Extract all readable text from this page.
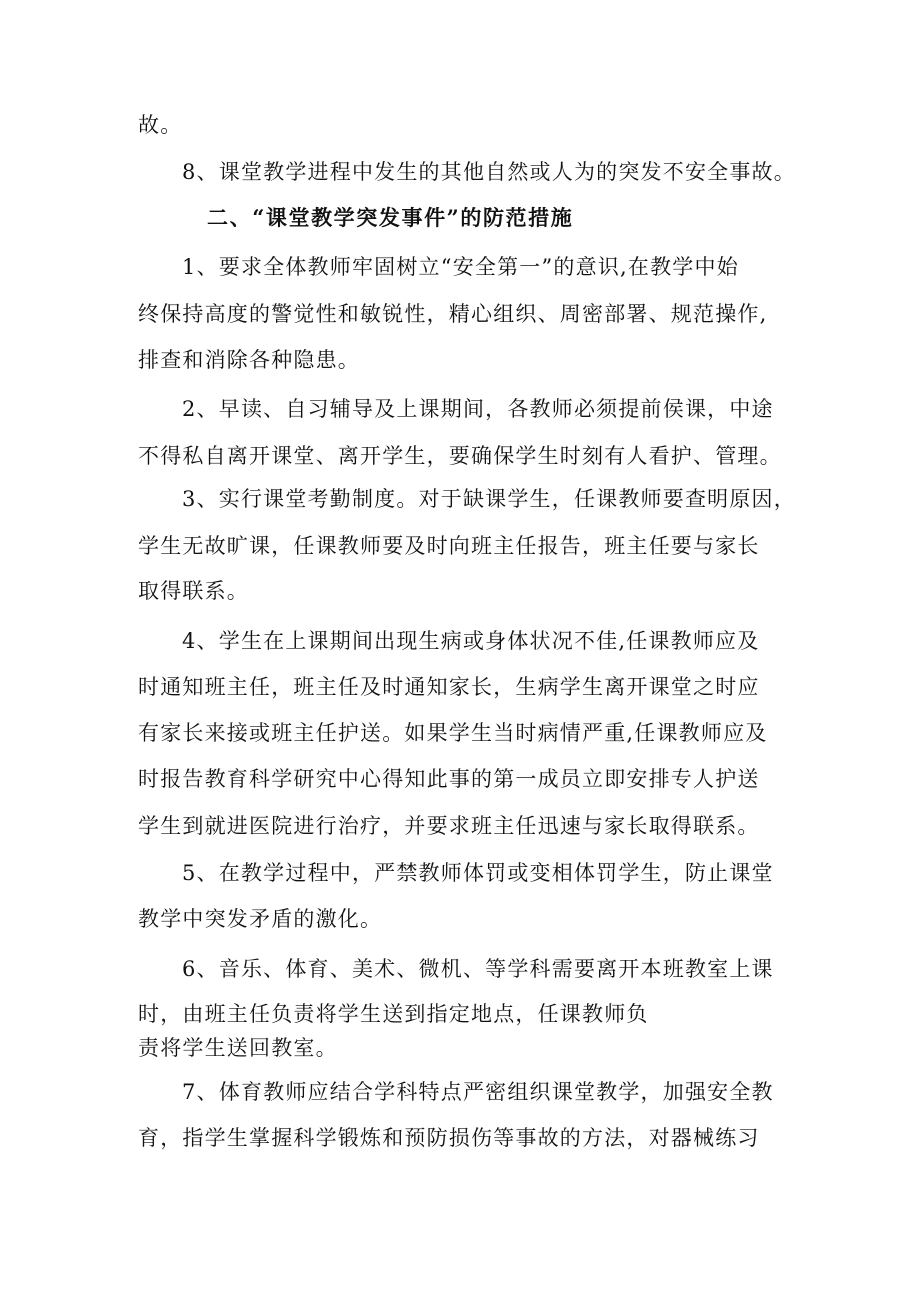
故。
8、课堂教学进程中发生的其他自然或人为的突发不安全事故。
二、“课堂教学突发事件”的防范措施
1、要求全体教师牢固树立“安全第一”的意识,在教学中始
终保持高度的警觉性和敏锐性，精心组织、周密部署、规范操作,
排查和消除各种隐患。
2、早读、自习辅导及上课期间，各教师必须提前侯课，中途
不得私自离开课堂、离开学生，要确保学生时刻有人看护、管理。
3、实行课堂考勤制度。对于缺课学生，任课教师要查明原因，
学生无故旷课，任课教师要及时向班主任报告，班主任要与家长
取得联系。
4、学生在上课期间出现生病或身体状况不佳,任课教师应及
时通知班主任，班主任及时通知家长，生病学生离开课堂之时应
有家长来接或班主任护送。如果学生当时病情严重,任课教师应及
时报告教育科学研究中心得知此事的第一成员立即安排专人护送
学生到就进医院进行治疗，并要求班主任迅速与家长取得联系。
5、在教学过程中，严禁教师体罚或变相体罚学生，防止课堂
教学中突发矛盾的激化。
6、音乐、体育、美术、微机、等学科需要离开本班教室上课
时，由班主任负责将学生送到指定地点，任课教师负
责将学生送回教室。
7、体育教师应结合学科特点严密组织课堂教学，加强安全教
育，指学生掌握科学锻炼和预防损伤等事故的方法，对器械练习
